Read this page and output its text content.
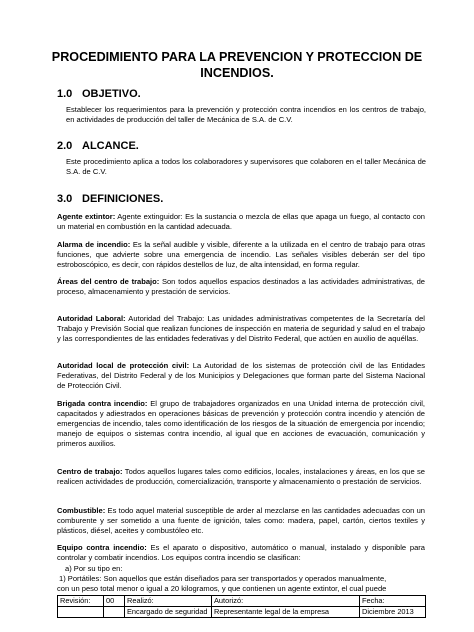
PROCEDIMIENTO PARA LA PREVENCION Y PROTECCION DE
INCENDIOS.
1.0 OBJETIVO.

Establecer los requerimientos para la prevención y protección contra incendios en los centros de trabajo, en actividades de producción del taller de Mecánica de S.A. de C.V.

2.0 ALCANCE.

Este procedimiento aplica a todos los colaboradores y supervisores que colaboren en el taller Mecánica de S.A. de C.V.

3.0 DEFINICIONES.

Agente extintor: Agente extinguidor: Es la sustancia o mezcla de ellas que apaga un fuego, al contacto con un material en combustión en la cantidad adecuada.

Alarma de incendio: Es la señal audible y visible, diferente a la utilizada en el centro de trabajo para otras funciones, que advierte sobre una emergencia de incendio. Las señales visibles deberán ser del tipo estroboscópico, es decir, con rápidos destellos de luz, de alta intensidad, en forma regular.

Áreas del centro de trabajo: Son todos aquellos espacios destinados a las actividades administrativas, de proceso, almacenamiento y prestación de servicios.

Autoridad Laboral: Autoridad del Trabajo: Las unidades administrativas competentes de la Secretaría del Trabajo y Previsión Social que realizan funciones de inspección en materia de seguridad y salud en el trabajo y las correspondientes de las entidades federativas y del Distrito Federal, que actúen en auxilio de aquéllas.

Autoridad local de protección civil: La Autoridad de los sistemas de protección civil de las Entidades Federativas, del Distrito Federal y de los Municipios y Delegaciones que forman parte del Sistema Nacional de Protección Civil.

Brigada contra incendio: El grupo de trabajadores organizados en una Unidad interna de protección civil, capacitados y adiestrados en operaciones básicas de prevención y protección contra incendio y atención de emergencias de incendio, tales como identificación de los riesgos de la situación de emergencia por incendio; manejo de equipos o sistemas contra incendio, al igual que en acciones de evacuación, comunicación y primeros auxilios.

Centro de trabajo: Todos aquellos lugares tales como edificios, locales, instalaciones y áreas, en los que se realicen actividades de producción, comercialización, transporte y almacenamiento o prestación de servicios.

Combustible: Es todo aquel material susceptible de arder al mezclarse en las cantidades adecuadas con un comburente y ser sometido a una fuente de ignición, tales como: madera, papel, cartón, ciertos textiles y plásticos, diésel, aceites y combustóleo etc.

Equipo contra incendio: Es el aparato o dispositivo, automático o manual, instalado y disponible para controlar y combatir incendios. Los equipos contra incendio se clasifican:

a) Por su tipo en:
1) Portátiles: Son aquellos que están diseñados para ser transportados y operados manualmente,
con un peso total menor o igual a 20 kilogramos, y que contienen un agente extintor, el cual puede

Revisión:	00	Realizó:	Autorizó:	Fecha:
		Encargado de seguridad	Representante legal de la empresa	Diciembre 2013
